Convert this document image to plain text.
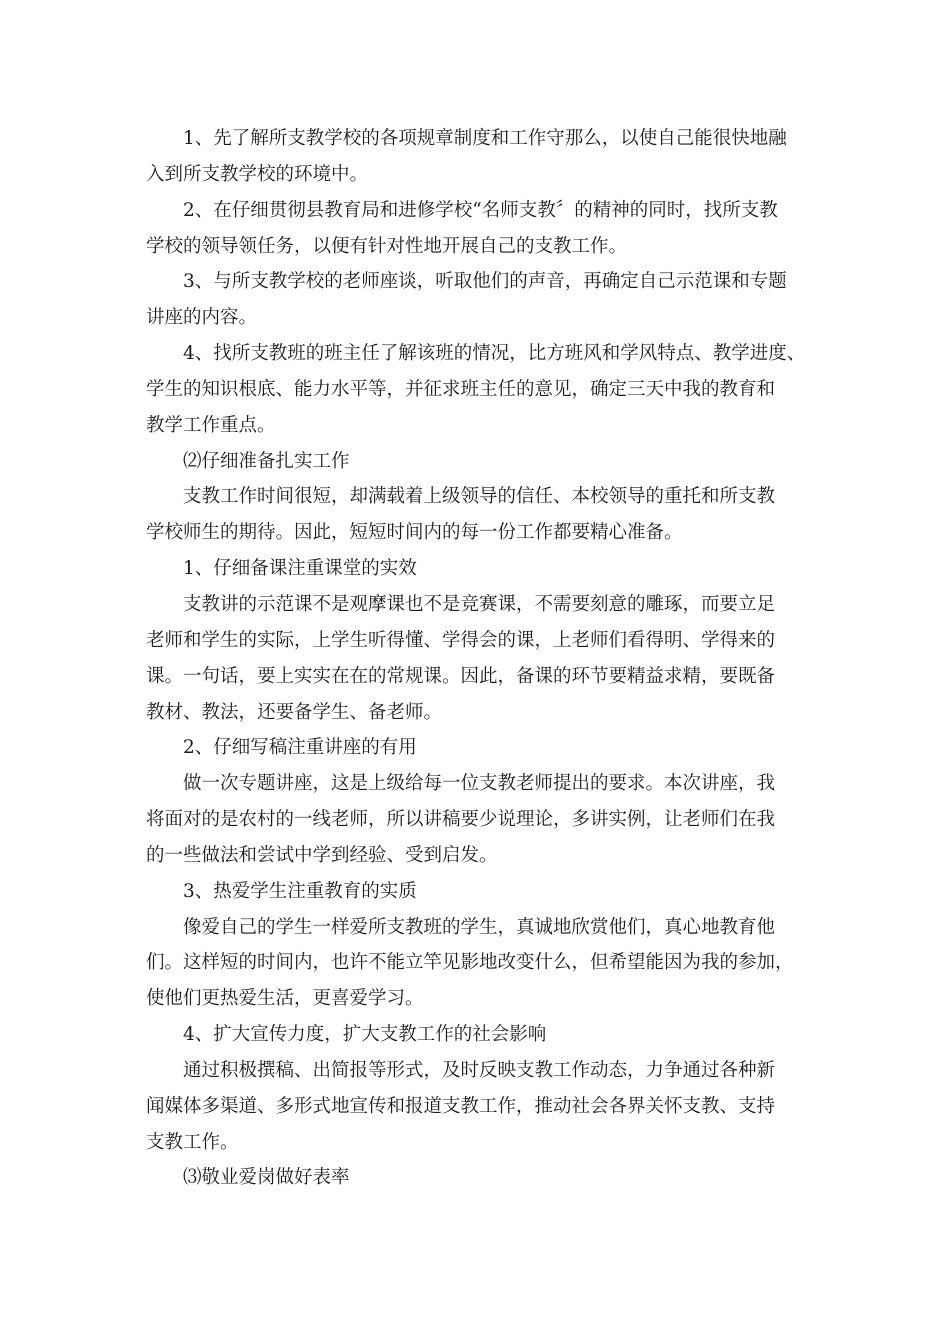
1、先了解所支教学校的各项规章制度和工作守那么，以使自己能很快地融
入到所支教学校的环境中。
2、在仔细贯彻县教育局和进修学校“名师支教〞的精神的同时，找所支教
学校的领导领任务，以便有针对性地开展自己的支教工作。
3、与所支教学校的老师座谈，听取他们的声音，再确定自己示范课和专题
讲座的内容。
4、找所支教班的班主任了解该班的情况，比方班风和学风特点、教学进度、
学生的知识根底、能力水平等，并征求班主任的意见，确定三天中我的教育和
教学工作重点。
⑵仔细准备扎实工作
支教工作时间很短，却满载着上级领导的信任、本校领导的重托和所支教
学校师生的期待。因此，短短时间内的每一份工作都要精心准备。
1、仔细备课注重课堂的实效
支教讲的示范课不是观摩课也不是竞赛课，不需要刻意的雕琢，而要立足
老师和学生的实际，上学生听得懂、学得会的课，上老师们看得明、学得来的
课。一句话，要上实实在在的常规课。因此，备课的环节要精益求精，要既备
教材、教法，还要备学生、备老师。
2、仔细写稿注重讲座的有用
做一次专题讲座，这是上级给每一位支教老师提出的要求。本次讲座，我
将面对的是农村的一线老师，所以讲稿要少说理论，多讲实例，让老师们在我
的一些做法和尝试中学到经验、受到启发。
3、热爱学生注重教育的实质
像爱自己的学生一样爱所支教班的学生，真诚地欣赏他们，真心地教育他
们。这样短的时间内，也许不能立竿见影地改变什么，但希望能因为我的参加，
使他们更热爱生活，更喜爱学习。
4、扩大宣传力度，扩大支教工作的社会影响
通过积极撰稿、出简报等形式，及时反映支教工作动态，力争通过各种新
闻媒体多渠道、多形式地宣传和报道支教工作，推动社会各界关怀支教、支持
支教工作。
⑶敬业爱岗做好表率
